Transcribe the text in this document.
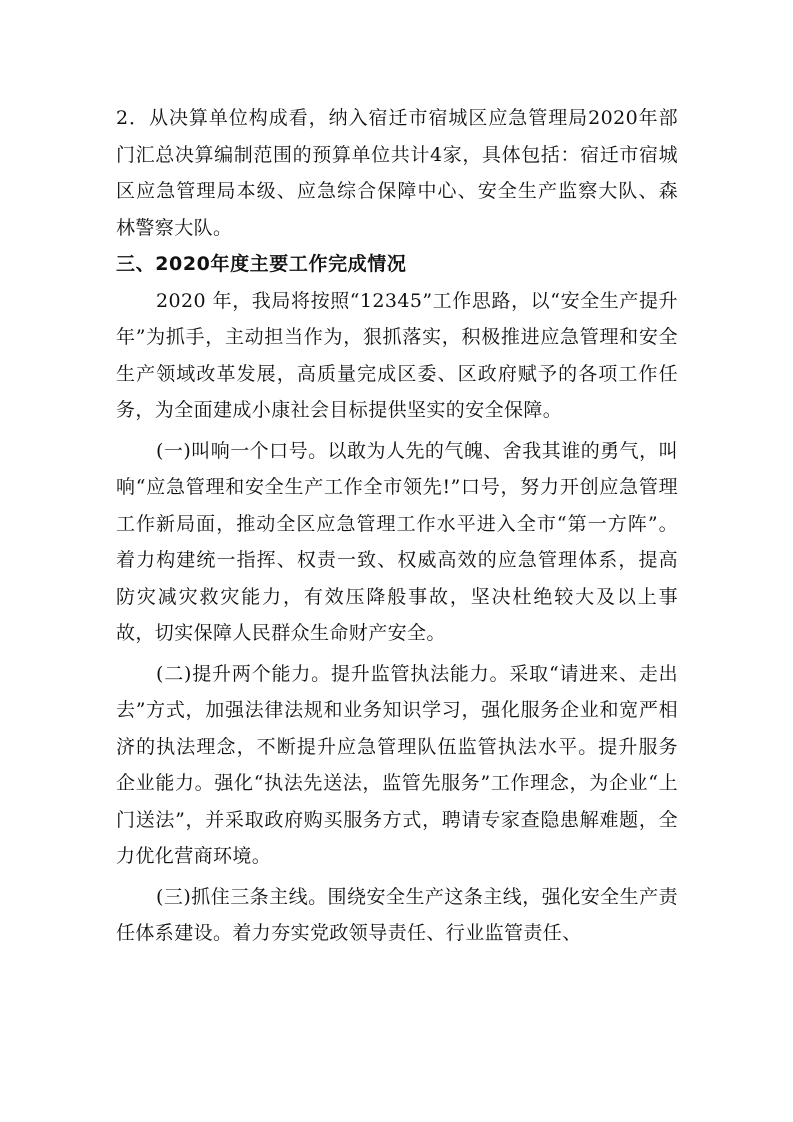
2．从决算单位构成看，纳入宿迁市宿城区应急管理局2020年部门汇总决算编制范围的预算单位共计4家，具体包括：宿迁市宿城区应急管理局本级、应急综合保障中心、安全生产监察大队、森林警察大队。

三、2020年度主要工作完成情况

2020 年，我局将按照“12345”工作思路，以“安全生产提升年”为抓手，主动担当作为，狠抓落实，积极推进应急管理和安全生产领域改革发展，高质量完成区委、区政府赋予的各项工作任务，为全面建成小康社会目标提供坚实的安全保障。

(一)叫响一个口号。以敢为人先的气魄、舍我其谁的勇气，叫响“应急管理和安全生产工作全市领先!”口号，努力开创应急管理工作新局面，推动全区应急管理工作水平进入全市“第一方阵”。着力构建统一指挥、权责一致、权威高效的应急管理体系，提高防灾减灾救灾能力，有效压降般事故，坚决杜绝较大及以上事故，切实保障人民群众生命财产安全。

(二)提升两个能力。提升监管执法能力。采取“请进来、走出去”方式，加强法律法规和业务知识学习，强化服务企业和宽严相济的执法理念，不断提升应急管理队伍监管执法水平。提升服务企业能力。强化“执法先送法，监管先服务”工作理念，为企业“上门送法”，并采取政府购买服务方式，聘请专家查隐患解难题，全力优化营商环境。

(三)抓住三条主线。围绕安全生产这条主线，强化安全生产责任体系建设。着力夯实党政领导责任、行业监管责任、
